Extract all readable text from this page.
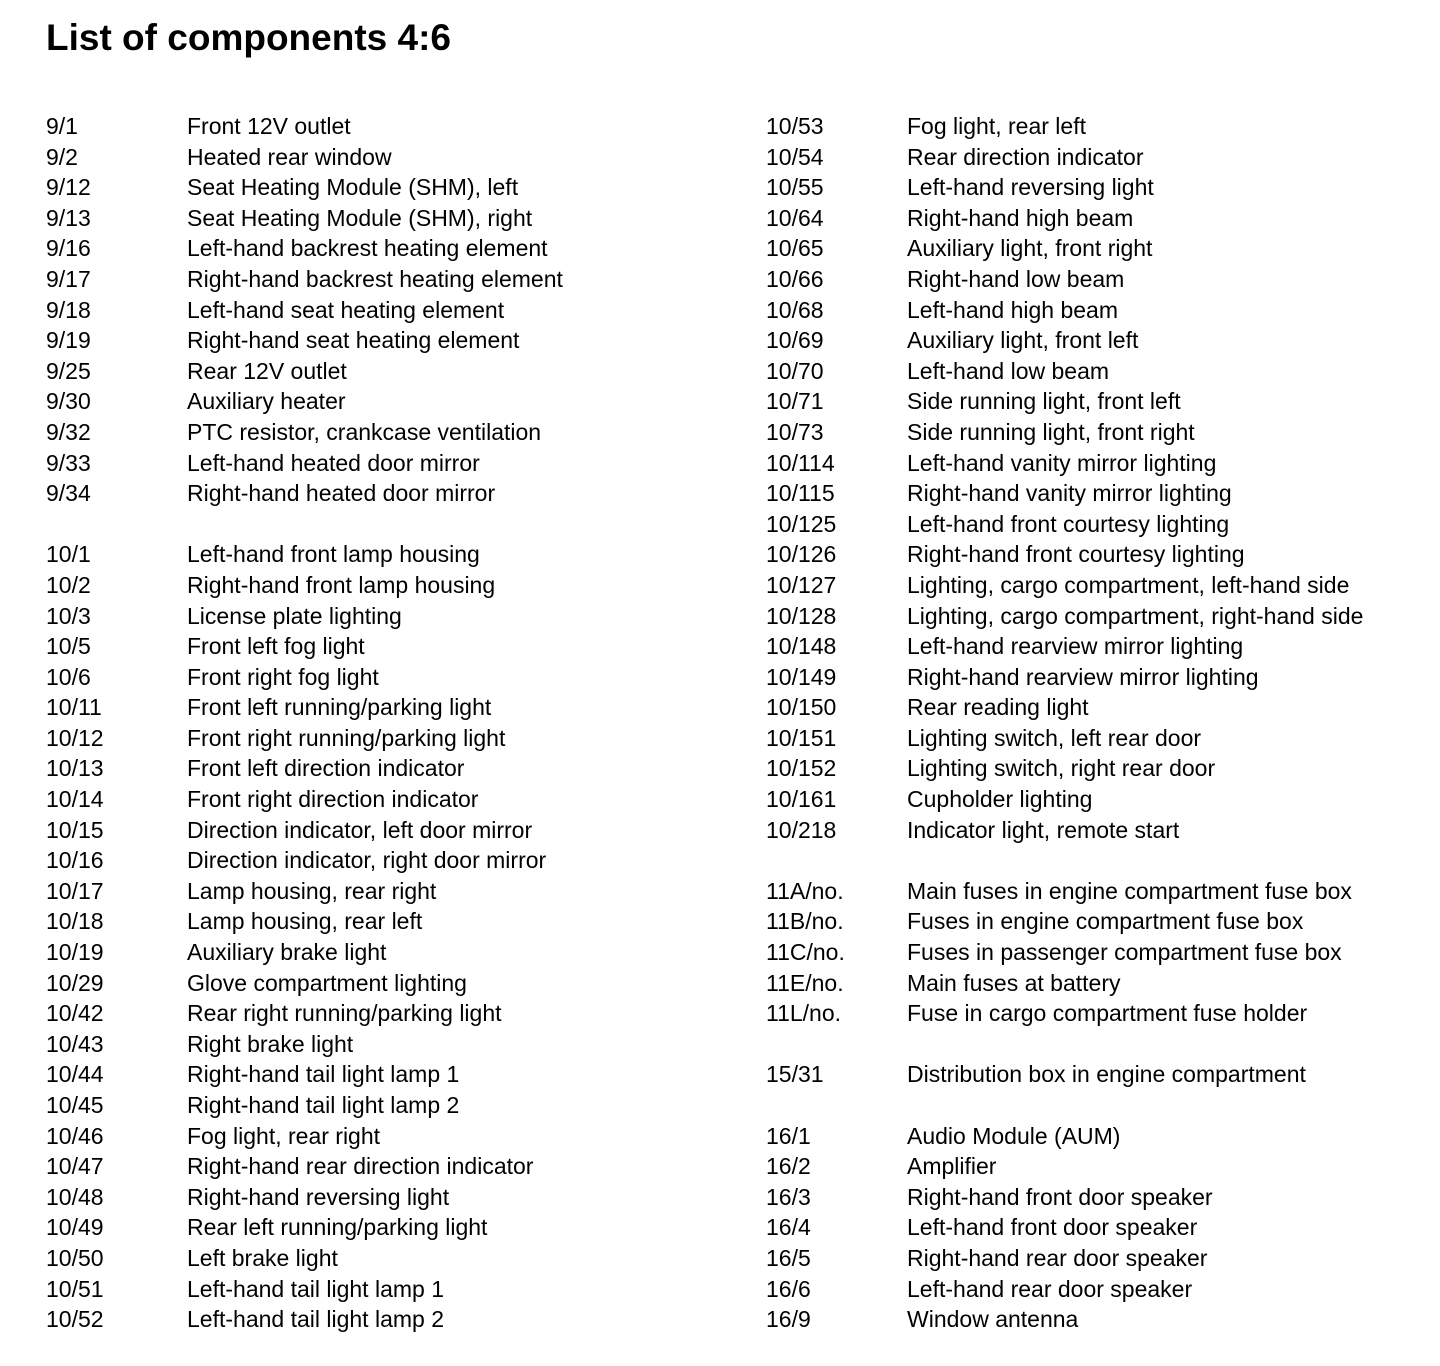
List of components 4:6
9/1	Front 12V outlet
9/2	Heated rear window
9/12	Seat Heating Module (SHM), left
9/13	Seat Heating Module (SHM), right
9/16	Left-hand backrest heating element
9/17	Right-hand backrest heating element
9/18	Left-hand seat heating element
9/19	Right-hand seat heating element
9/25	Rear 12V outlet
9/30	Auxiliary heater
9/32	PTC resistor, crankcase ventilation
9/33	Left-hand heated door mirror
9/34	Right-hand heated door mirror
10/1	Left-hand front lamp housing
10/2	Right-hand front lamp housing
10/3	License plate lighting
10/5	Front left fog light
10/6	Front right fog light
10/11	Front left running/parking light
10/12	Front right running/parking light
10/13	Front left direction indicator
10/14	Front right direction indicator
10/15	Direction indicator, left door mirror
10/16	Direction indicator, right door mirror
10/17	Lamp housing, rear right
10/18	Lamp housing, rear left
10/19	Auxiliary brake light
10/29	Glove compartment lighting
10/42	Rear right running/parking light
10/43	Right brake light
10/44	Right-hand tail light lamp 1
10/45	Right-hand tail light lamp 2
10/46	Fog light, rear right
10/47	Right-hand rear direction indicator
10/48	Right-hand reversing light
10/49	Rear left running/parking light
10/50	Left brake light
10/51	Left-hand tail light lamp 1
10/52	Left-hand tail light lamp 2
10/53	Fog light, rear left
10/54	Rear direction indicator
10/55	Left-hand reversing light
10/64	Right-hand high beam
10/65	Auxiliary light, front right
10/66	Right-hand low beam
10/68	Left-hand high beam
10/69	Auxiliary light, front left
10/70	Left-hand low beam
10/71	Side running light, front left
10/73	Side running light, front right
10/114	Left-hand vanity mirror lighting
10/115	Right-hand vanity mirror lighting
10/125	Left-hand front courtesy lighting
10/126	Right-hand front courtesy lighting
10/127	Lighting, cargo compartment, left-hand side
10/128	Lighting, cargo compartment, right-hand side
10/148	Left-hand rearview mirror lighting
10/149	Right-hand rearview mirror lighting
10/150	Rear reading light
10/151	Lighting switch, left rear door
10/152	Lighting switch, right rear door
10/161	Cupholder lighting
10/218	Indicator light, remote start
11A/no.	Main fuses in engine compartment fuse box
11B/no.	Fuses in engine compartment fuse box
11C/no.	Fuses in passenger compartment fuse box
11E/no.	Main fuses at battery
11L/no.	Fuse in cargo compartment fuse holder
15/31	Distribution box in engine compartment
16/1	Audio Module (AUM)
16/2	Amplifier
16/3	Right-hand front door speaker
16/4	Left-hand front door speaker
16/5	Right-hand rear door speaker
16/6	Left-hand rear door speaker
16/9	Window antenna
